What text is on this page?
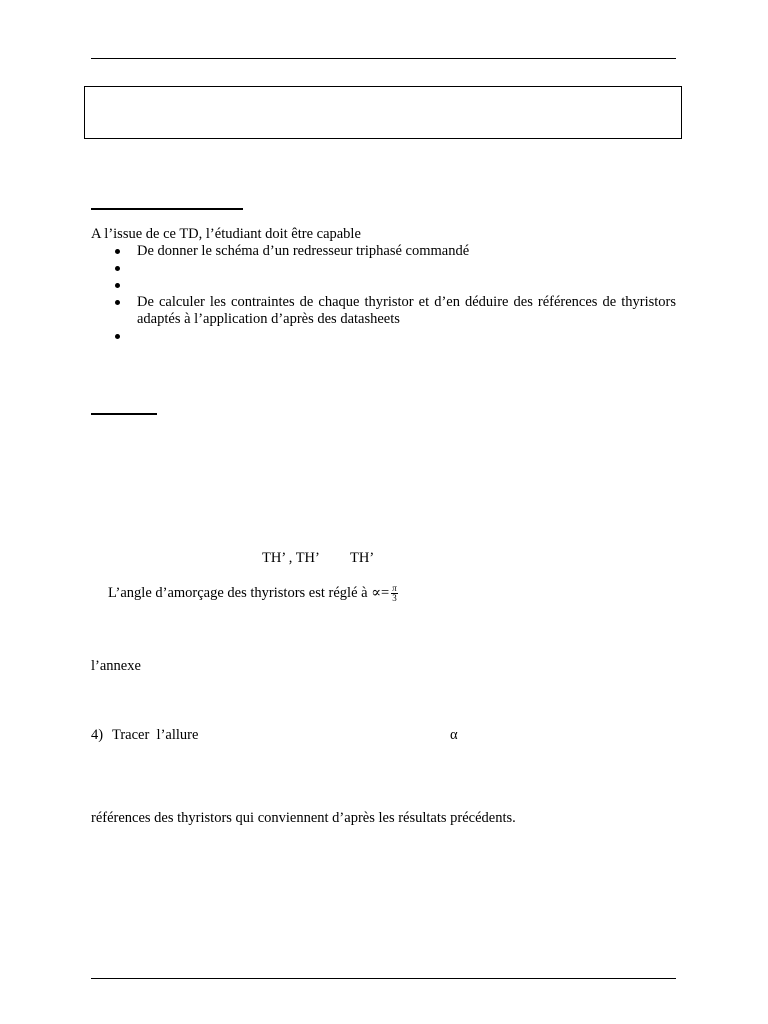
A l’issue de ce TD, l’étudiant doit être capable
De donner le schéma d’un redresseur triphasé commandé
De calculer les contraintes de chaque thyristor et d’en déduire des références de thyristors adaptés à l’application d’après des datasheets
TH’ , TH’ TH’
L’angle d’amorçage des thyristors est réglé à ∝= $\frac{\pi}{3}$
l’annexe
4) Tracer  l’allure	α
références des thyristors qui conviennent d’après les résultats précédents.
